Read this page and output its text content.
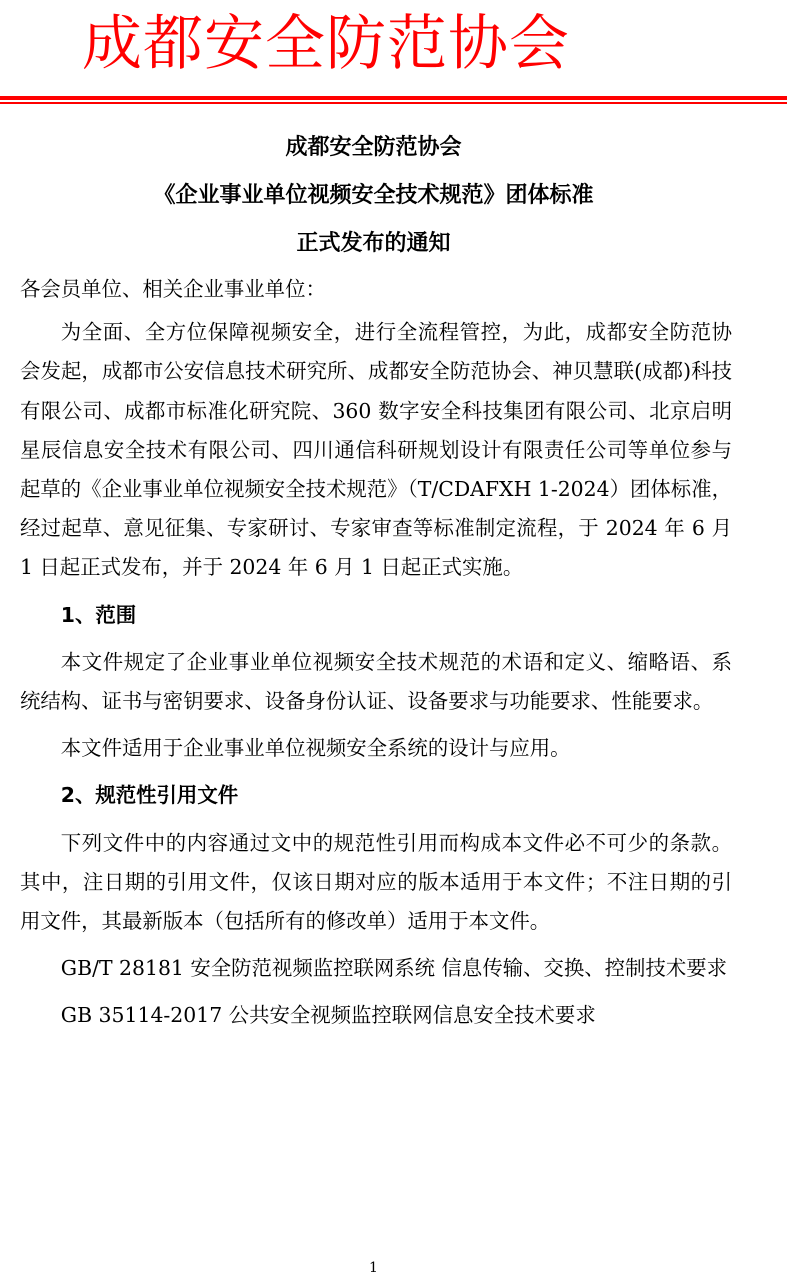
成都安全防范协会
成都安全防范协会
《企业事业单位视频安全技术规范》团体标准
正式发布的通知

各会员单位、相关企业事业单位：

为全面、全方位保障视频安全，进行全流程管控，为此，成都安全防范协会发起，成都市公安信息技术研究所、成都安全防范协会、神贝慧联(成都)科技有限公司、成都市标准化研究院、360 数字安全科技集团有限公司、北京启明星辰信息安全技术有限公司、四川通信科研规划设计有限责任公司等单位参与起草的《企业事业单位视频安全技术规范》（T/CDAFXH 1-2024）团体标准，经过起草、意见征集、专家研讨、专家审查等标准制定流程，于 2024 年 6 月 1 日起正式发布，并于 2024 年 6 月 1 日起正式实施。

1、范围

本文件规定了企业事业单位视频安全技术规范的术语和定义、缩略语、系统结构、证书与密钥要求、设备身份认证、设备要求与功能要求、性能要求。

本文件适用于企业事业单位视频安全系统的设计与应用。

2、规范性引用文件

下列文件中的内容通过文中的规范性引用而构成本文件必不可少的条款。其中，注日期的引用文件，仅该日期对应的版本适用于本文件；不注日期的引用文件，其最新版本（包括所有的修改单）适用于本文件。

GB/T 28181 安全防范视频监控联网系统 信息传输、交换、控制技术要求

GB 35114-2017 公共安全视频监控联网信息安全技术要求

1
